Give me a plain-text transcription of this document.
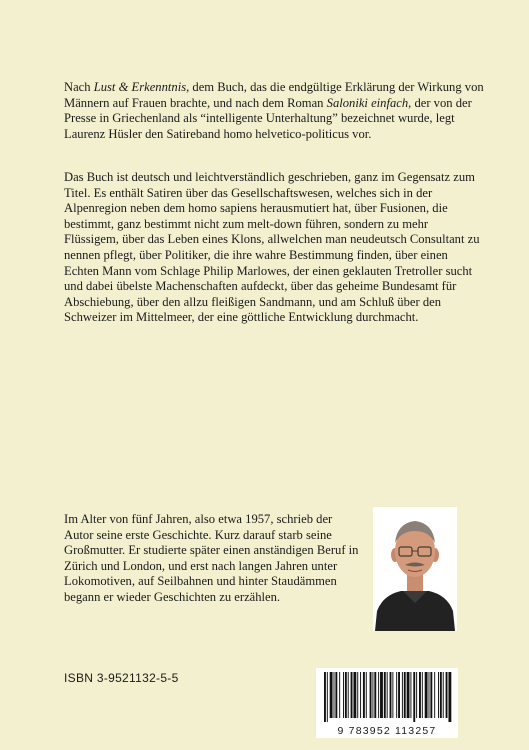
Nach Lust & Erkenntnis, dem Buch, das die endgültige Erklärung der Wirkung von Männern auf Frauen brachte, und nach dem Roman Saloniki einfach, der von der Presse in Griechenland als “intelligente Unterhaltung” bezeichnet wurde, legt Laurenz Hüsler den Satireband homo helvetico-politicus vor.

Das Buch ist deutsch und leichtverständlich geschrieben, ganz im Gegensatz zum Titel. Es enthält Satiren über das Gesellschaftswesen, welches sich in der Alpenregion neben dem homo sapiens herausmutiert hat, über Fusionen, die bestimmt, ganz bestimmt nicht zum melt-down führen, sondern zu mehr Flüssigem, über das Leben eines Klons, allwelchen man neudeutsch Consultant zu nennen pflegt, über Politiker, die ihre wahre Bestimmung finden, über einen Echten Mann vom Schlage Philip Marlowes, der einen geklauten Tretroller sucht und dabei übelste Machenschaften aufdeckt, über das geheime Bundesamt für Abschiebung, über den allzu fleißigen Sandmann, und am Schluß über den Schweizer im Mittelmeer, der eine göttliche Entwicklung durchmacht.

Im Alter von fünf Jahren, also etwa 1957, schrieb der Autor seine erste Geschichte. Kurz darauf starb seine Großmutter. Er studierte später einen anständigen Beruf in Zürich und London, und erst nach langen Jahren unter Lokomotiven, auf Seilbahnen und hinter Staudämmen begann er wieder Geschichten zu erzählen.

ISBN 3-9521132-5-5
9 783952 113257
